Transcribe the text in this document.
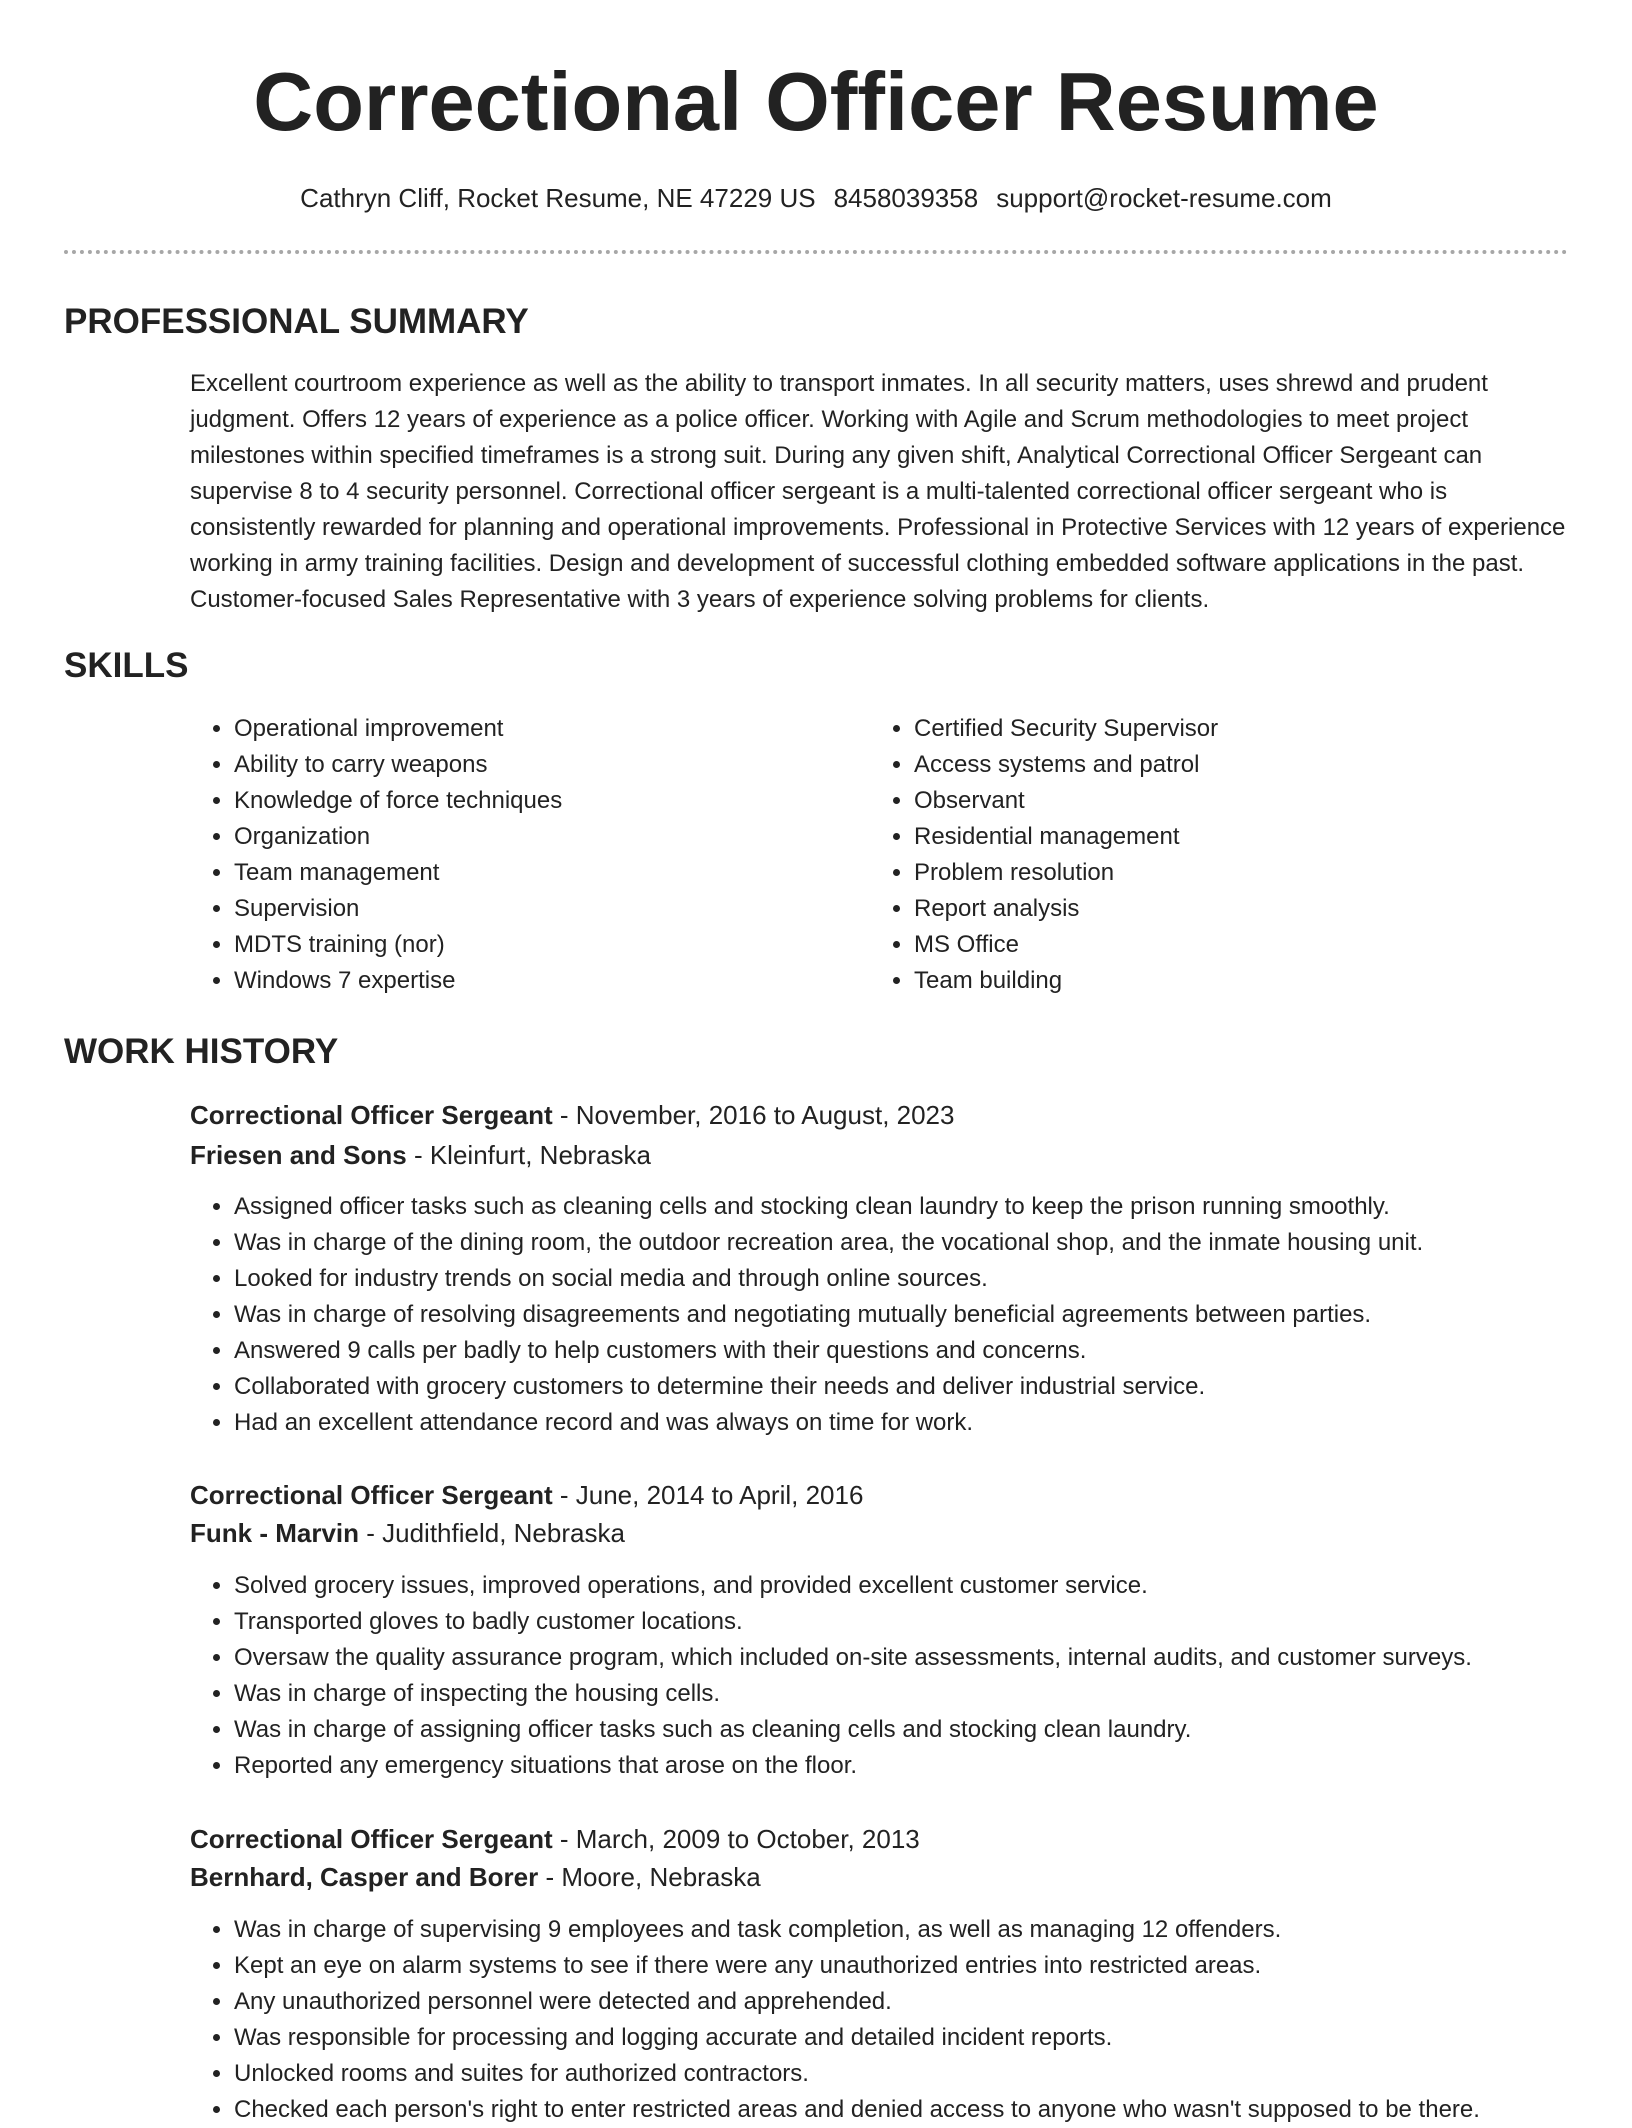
Correctional Officer Resume
Cathryn Cliff, Rocket Resume, NE 47229 US 8458039358 support@rocket-resume.com
PROFESSIONAL SUMMARY

Excellent courtroom experience as well as the ability to transport inmates. In all security matters, uses shrewd and prudent judgment. Offers 12 years of experience as a police officer. Working with Agile and Scrum methodologies to meet project milestones within specified timeframes is a strong suit. During any given shift, Analytical Correctional Officer Sergeant can supervise 8 to 4 security personnel. Correctional officer sergeant is a multi-talented correctional officer sergeant who is consistently rewarded for planning and operational improvements. Professional in Protective Services with 12 years of experience working in army training facilities. Design and development of successful clothing embedded software applications in the past. Customer-focused Sales Representative with 3 years of experience solving problems for clients.

SKILLS
• Operational improvement
• Ability to carry weapons
• Knowledge of force techniques
• Organization
• Team management
• Supervision
• MDTS training (nor)
• Windows 7 expertise
• Certified Security Supervisor
• Access systems and patrol
• Observant
• Residential management
• Problem resolution
• Report analysis
• MS Office
• Team building
WORK HISTORY
Correctional Officer Sergeant - November, 2016 to August, 2023
Friesen and Sons - Kleinfurt, Nebraska
• Assigned officer tasks such as cleaning cells and stocking clean laundry to keep the prison running smoothly.
• Was in charge of the dining room, the outdoor recreation area, the vocational shop, and the inmate housing unit.
• Looked for industry trends on social media and through online sources.
• Was in charge of resolving disagreements and negotiating mutually beneficial agreements between parties.
• Answered 9 calls per badly to help customers with their questions and concerns.
• Collaborated with grocery customers to determine their needs and deliver industrial service.
• Had an excellent attendance record and was always on time for work.
Correctional Officer Sergeant - June, 2014 to April, 2016
Funk - Marvin - Judithfield, Nebraska
• Solved grocery issues, improved operations, and provided excellent customer service.
• Transported gloves to badly customer locations.
• Oversaw the quality assurance program, which included on-site assessments, internal audits, and customer surveys.
• Was in charge of inspecting the housing cells.
• Was in charge of assigning officer tasks such as cleaning cells and stocking clean laundry.
• Reported any emergency situations that arose on the floor.
Correctional Officer Sergeant - March, 2009 to October, 2013
Bernhard, Casper and Borer - Moore, Nebraska
• Was in charge of supervising 9 employees and task completion, as well as managing 12 offenders.
• Kept an eye on alarm systems to see if there were any unauthorized entries into restricted areas.
• Any unauthorized personnel were detected and apprehended.
• Was responsible for processing and logging accurate and detailed incident reports.
• Unlocked rooms and suites for authorized contractors.
• Checked each person's right to enter restricted areas and denied access to anyone who wasn't supposed to be there.
